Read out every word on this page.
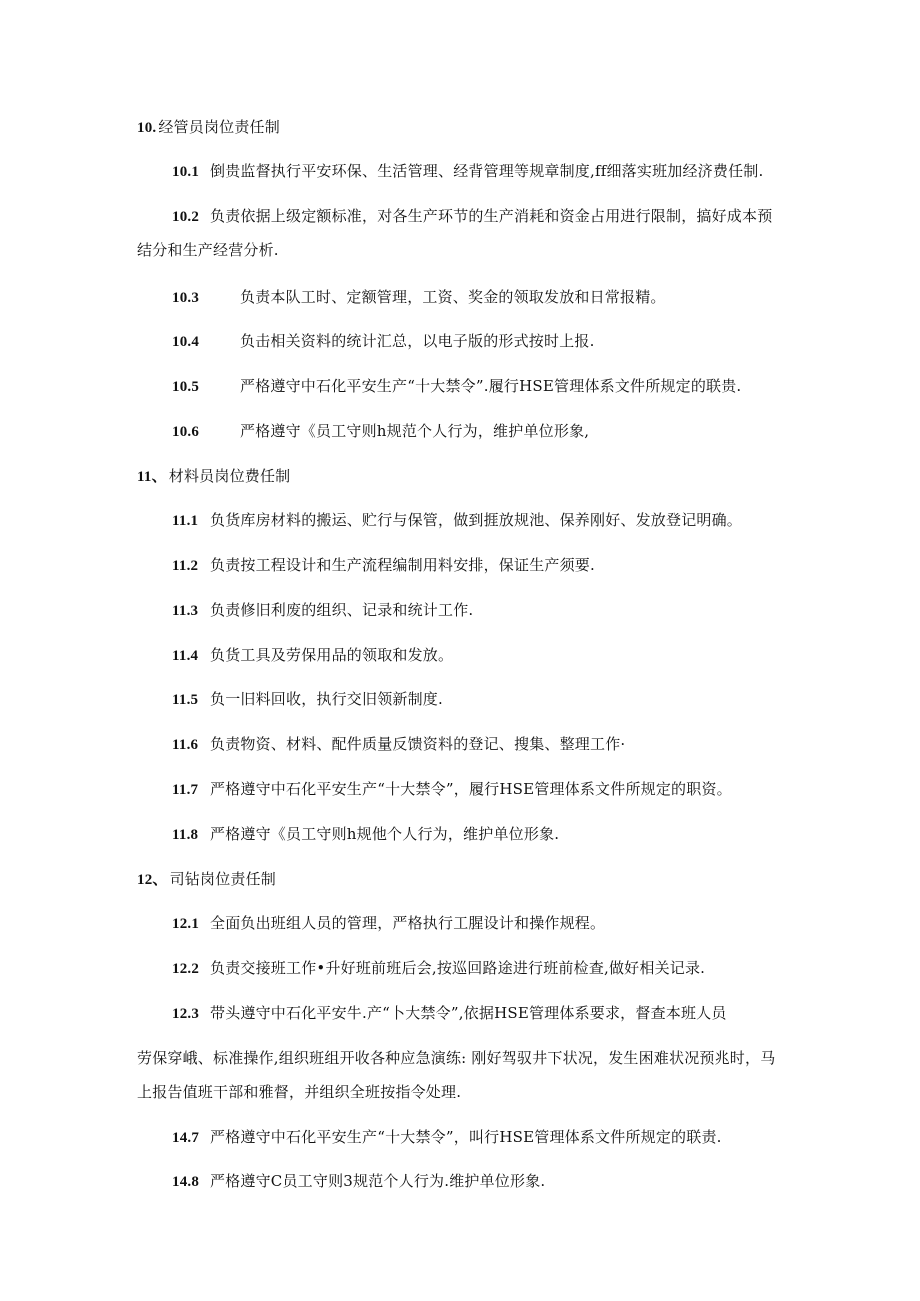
10. 经管员岗位责任制
10.1 倒贵监督执行平安环保、生活管理、经背管理等规章制度,ff细落实班加经济费任制.
10.2 负责依据上级定额标准，对各生产环节的生产消耗和资金占用进行限制，搞好成本预
结分和生产经营分析.
10.3	负责本队工时、定额管理，工资、奖金的领取发放和日常报精。
10.4	负击相关资料的统计汇总，以电子版的形式按时上报.
10.5	严格遵守中石化平安生产“十大禁令”.履行HSE管理体系文件所规定的联贵.
10.6	严格遵守《员工守则h规范个人行为，维护单位形象,
11、 材料员岗位费任制
11.1 负货库房材料的搬运、贮行与保管，做到捱放规池、保养刚好、发放登记明确。
11.2 负责按工程设计和生产流程编制用料安排，保证生产须要.
11.3 负责修旧利废的组织、记录和统计工作.
11.4 负货工具及劳保用品的领取和发放。
11.5 负一旧料回收，执行交旧领新制度.
11.6 负责物资、材料、配件质量反馈资料的登记、搜集、整理工作·
11.7 严格遵守中石化平安生产“十大禁令”，履行HSE管理体系文件所规定的职资。
11.8 严格遵守《员工守则h规他个人行为，维护单位形象.
12、 司钻岗位责任制
12.1 全面负出班组人员的管理，严格执行工腥设计和操作规程。
12.2 负责交接班工作•升好班前班后会,按巡回路途进行班前检查,做好相关记录.
12.3 带头遵守中石化平安牛.产“卜大禁令”,依据HSE管理体系要求，督查本班人员
劳保穿峨、标准操作,组织班组开收各种应急演练: 刚好驾驭井下状况，发生困难状况预兆时，马
上报告值班干部和雅督，并组织全班按指令处理.
14.7 严格遵守中石化平安生产“十大禁令”，叫行HSE管理体系文件所规定的联责.
14.8 严格遵守C员工守则3规范个人行为.维护单位形象.
